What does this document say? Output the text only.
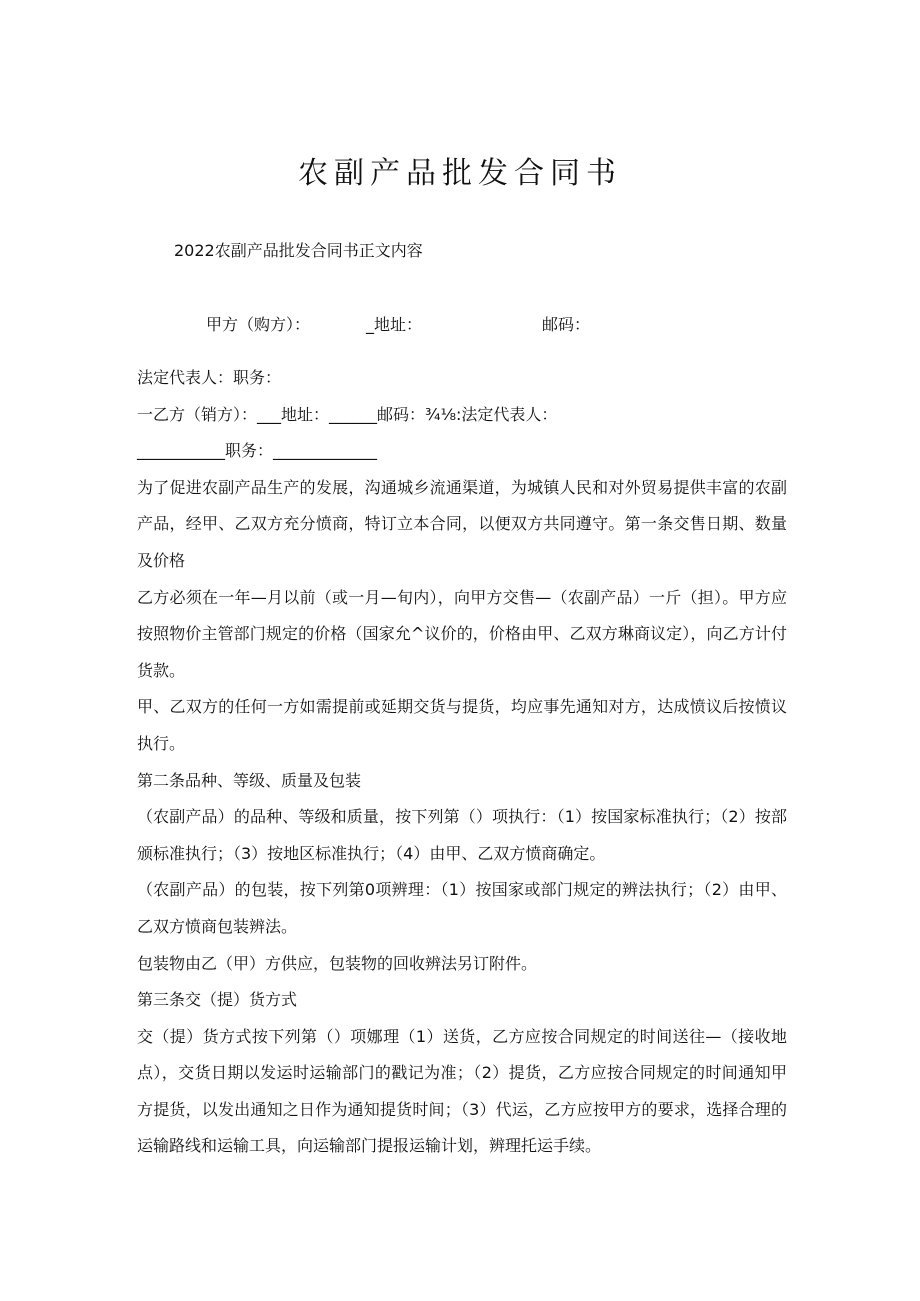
农副产品批发合同书
2022农副产品批发合同书正文内容
甲方（购方）：	_地址：	邮码：
法定代表人：职务：
一乙方（销方）：___地址：______邮码：¾⅛:法定代表人：
___________职务：_____________
为了促进农副产品生产的发展，沟通城乡流通渠道，为城镇人民和对外贸易提供丰富的农副产品，经甲、乙双方充分愤商，特订立本合同，以便双方共同遵守。第一条交售日期、数量及价格
乙方必须在一年—月以前（或一月—旬内），向甲方交售—（农副产品）一斤（担）。甲方应按照物价主管部门规定的价格（国家允^议价的，价格由甲、乙双方琳商议定），向乙方计付货款。
甲、乙双方的任何一方如需提前或延期交货与提货，均应事先通知对方，达成愤议后按愤议执行。
第二条品种、等级、质量及包装
（农副产品）的品种、等级和质量，按下列第（）项执行：（1）按国家标准执行；（2）按部颁标准执行；（3）按地区标准执行；（4）由甲、乙双方愤商确定。
（农副产品）的包装，按下列第0项辨理：（1）按国家或部门规定的辨法执行；（2）由甲、乙双方愤商包装辨法。
包装物由乙（甲）方供应，包装物的回收辨法另订附件。
第三条交（提）货方式
交（提）货方式按下列第（）项娜理（1）送货，乙方应按合同规定的时间送往—（接收地点），交货日期以发运时运输部门的戳记为准；（2）提货，乙方应按合同规定的时间通知甲方提货，以发出通知之日作为通知提货时间；（3）代运，乙方应按甲方的要求，选择合理的运输路线和运输工具，向运输部门提报运输计划，辨理托运手续。
